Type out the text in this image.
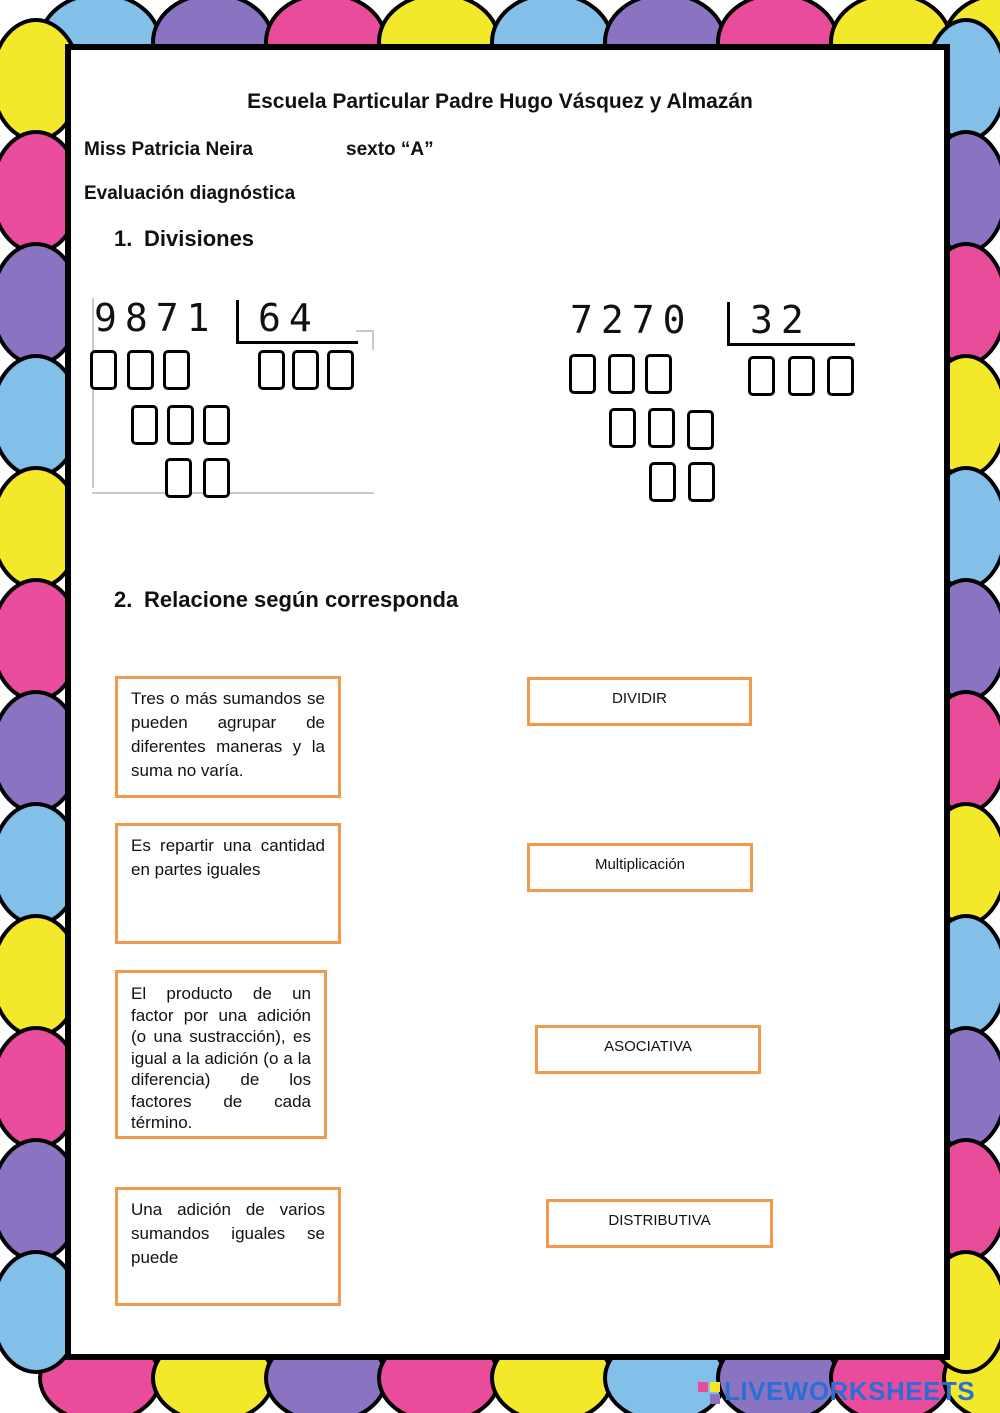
Escuela Particular Padre Hugo Vásquez y Almazán
Miss Patricia Neira	sexto “A”
Evaluación diagnóstica
1. Divisiones
9871 64	7270 32
2. Relacione según corresponda
Tres o más sumandos se pueden agrupar de diferentes maneras y la suma no varía.
Es repartir una cantidad en partes iguales
El producto de un factor por una adición (o una sustracción), es igual a la adición (o a la diferencia) de los factores de cada término.
Una adición de varios sumandos iguales se puede
DIVIDIR
Multiplicación
ASOCIATIVA
DISTRIBUTIVA
LIVEWORKSHEETS
